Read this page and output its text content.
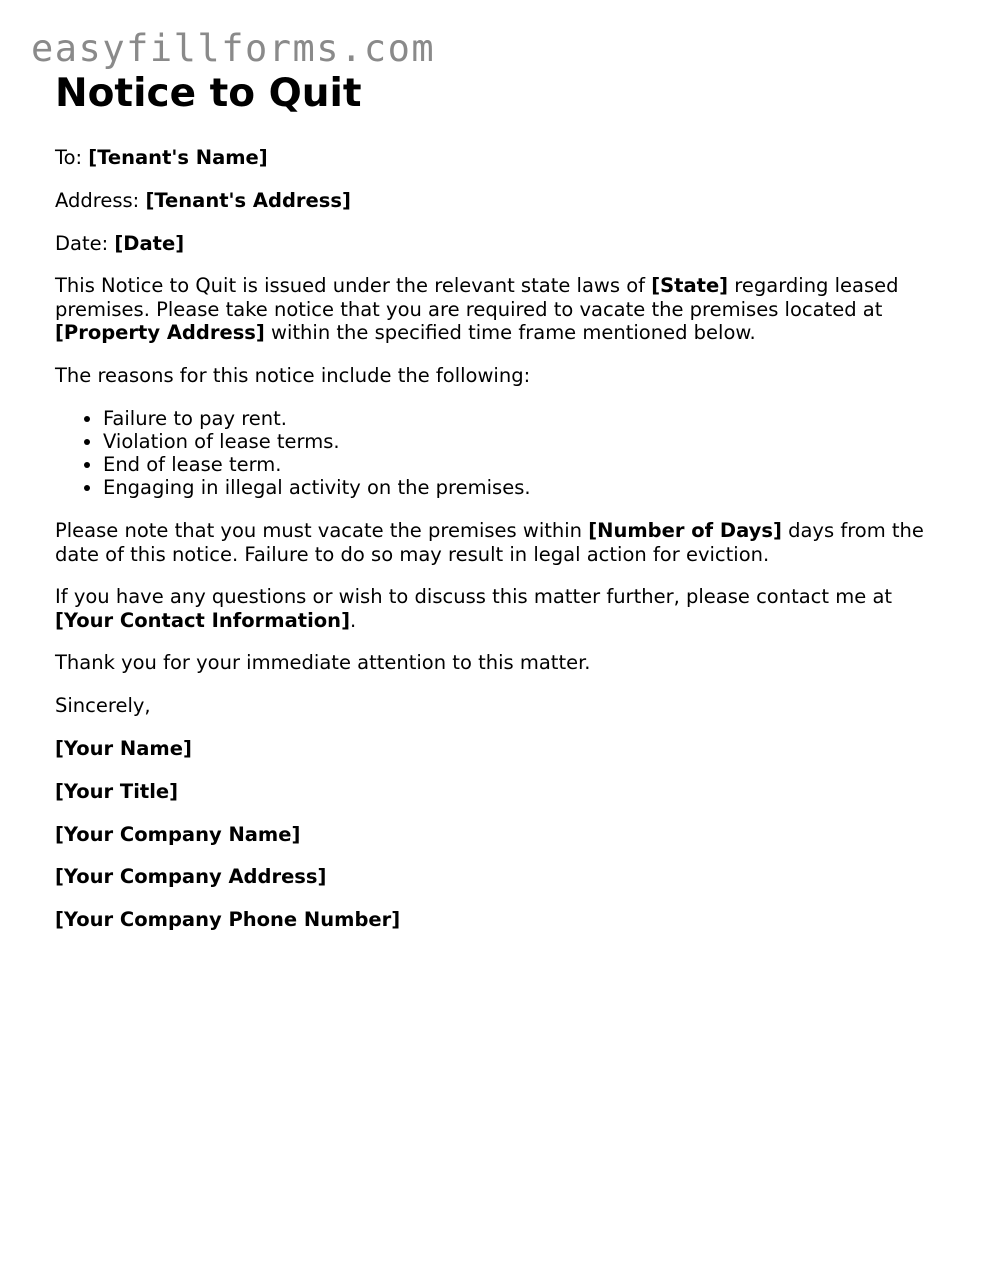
easyfillforms.com
Notice to Quit

To: [Tenant's Name]

Address: [Tenant's Address]

Date: [Date]

This Notice to Quit is issued under the relevant state laws of [State] regarding leased premises. Please take notice that you are required to vacate the premises located at [Property Address] within the specified time frame mentioned below.

The reasons for this notice include the following:

• Failure to pay rent.
• Violation of lease terms.
• End of lease term.
• Engaging in illegal activity on the premises.

Please note that you must vacate the premises within [Number of Days] days from the date of this notice. Failure to do so may result in legal action for eviction.

If you have any questions or wish to discuss this matter further, please contact me at [Your Contact Information].

Thank you for your immediate attention to this matter.

Sincerely,

[Your Name]

[Your Title]

[Your Company Name]

[Your Company Address]

[Your Company Phone Number]
